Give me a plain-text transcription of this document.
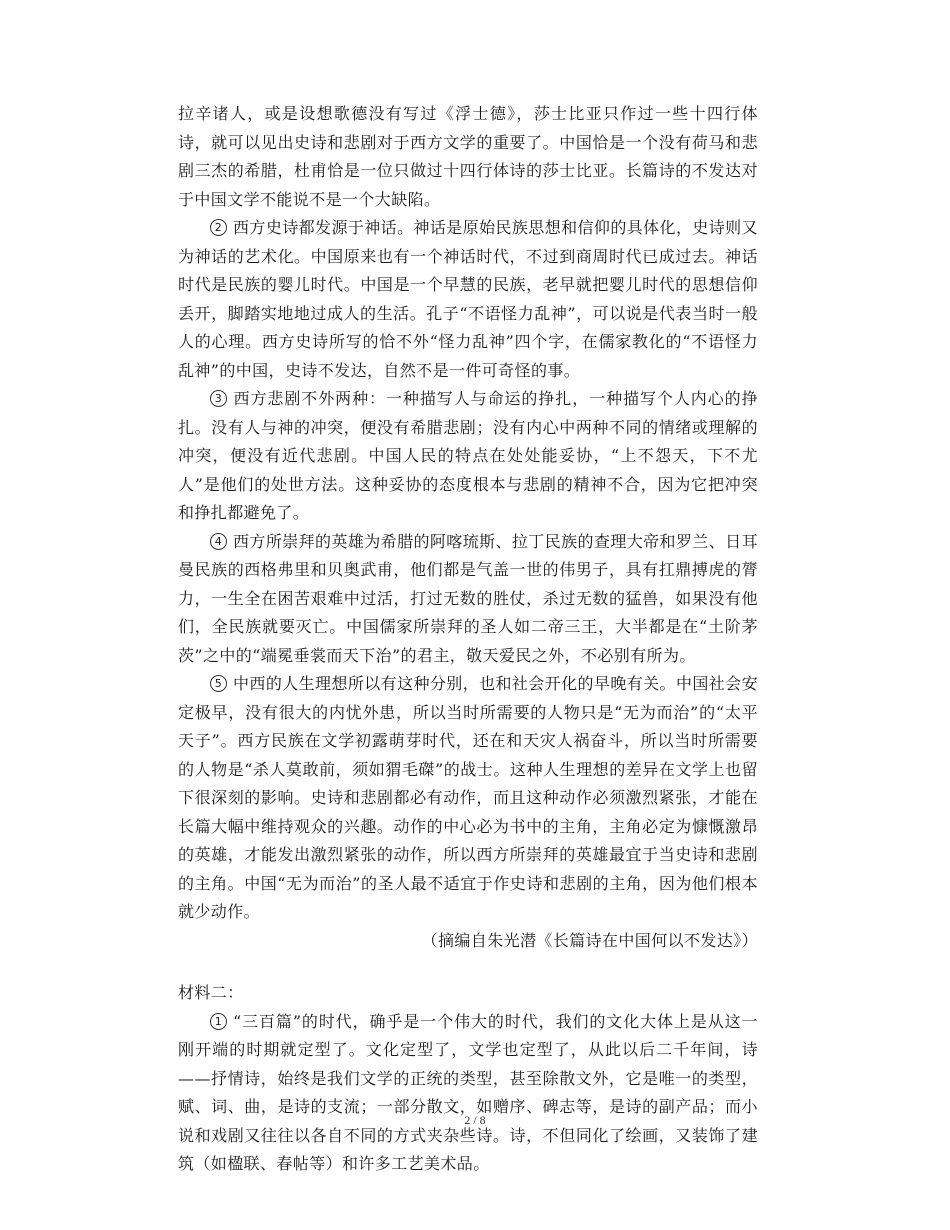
拉辛诸人，或是设想歌德没有写过《浮士德》，莎士比亚只作过一些十四行体诗，就可以见出史诗和悲剧对于西方文学的重要了。中国恰是一个没有荷马和悲剧三杰的希腊，杜甫恰是一位只做过十四行体诗的莎士比亚。长篇诗的不发达对于中国文学不能说不是一个大缺陷。

2 西方史诗都发源于神话。神话是原始民族思想和信仰的具体化，史诗则又为神话的艺术化。中国原来也有一个神话时代，不过到商周时代已成过去。神话时代是民族的婴儿时代。中国是一个早慧的民族，老早就把婴儿时代的思想信仰丢开，脚踏实地地过成人的生活。孔子“不语怪力乱神”，可以说是代表当时一般人的心理。西方史诗所写的恰不外“怪力乱神”四个字，在儒家教化的“不语怪力乱神”的中国，史诗不发达，自然不是一件可奇怪的事。

3 西方悲剧不外两种：一种描写人与命运的挣扎，一种描写个人内心的挣扎。没有人与神的冲突，便没有希腊悲剧；没有内心中两种不同的情绪或理解的冲突，便没有近代悲剧。中国人民的特点在处处能妥协，“上不怨天，下不尤人”是他们的处世方法。这种妥协的态度根本与悲剧的精神不合，因为它把冲突和挣扎都避免了。

4 西方所崇拜的英雄为希腊的阿喀琉斯、拉丁民族的查理大帝和罗兰、日耳曼民族的西格弗里和贝奥武甫，他们都是气盖一世的伟男子，具有扛鼎搏虎的膂力，一生全在困苦艰难中过活，打过无数的胜仗，杀过无数的猛兽，如果没有他们，全民族就要灭亡。中国儒家所崇拜的圣人如二帝三王，大半都是在“土阶茅茨”之中的“端冕垂裳而天下治”的君主，敬天爱民之外，不必别有所为。

5 中西的人生理想所以有这种分别，也和社会开化的早晚有关。中国社会安定极早，没有很大的内忧外患，所以当时所需要的人物只是“无为而治”的“太平天子”。西方民族在文学初露萌芽时代，还在和天灾人祸奋斗，所以当时所需要的人物是“杀人莫敢前，须如猬毛磔”的战士。这种人生理想的差异在文学上也留下很深刻的影响。史诗和悲剧都必有动作，而且这种动作必须激烈紧张，才能在长篇大幅中维持观众的兴趣。动作的中心必为书中的主角，主角必定为慷慨激昂的英雄，才能发出激烈紧张的动作，所以西方所崇拜的英雄最宜于当史诗和悲剧的主角。中国“无为而治”的圣人最不适宜于作史诗和悲剧的主角，因为他们根本就少动作。

（摘编自朱光潜《长篇诗在中国何以不发达》）

材料二：

1 “三百篇”的时代，确乎是一个伟大的时代，我们的文化大体上是从这一刚开端的时期就定型了。文化定型了，文学也定型了，从此以后二千年间，诗——抒情诗，始终是我们文学的正统的类型，甚至除散文外，它是唯一的类型，赋、词、曲，是诗的支流；一部分散文，如赠序、碑志等，是诗的副产品；而小说和戏剧又往往以各自不同的方式夹杂些诗。诗，不但同化了绘画，又装饰了建筑（如楹联、春帖等）和许多工艺美术品。

2 / 8
